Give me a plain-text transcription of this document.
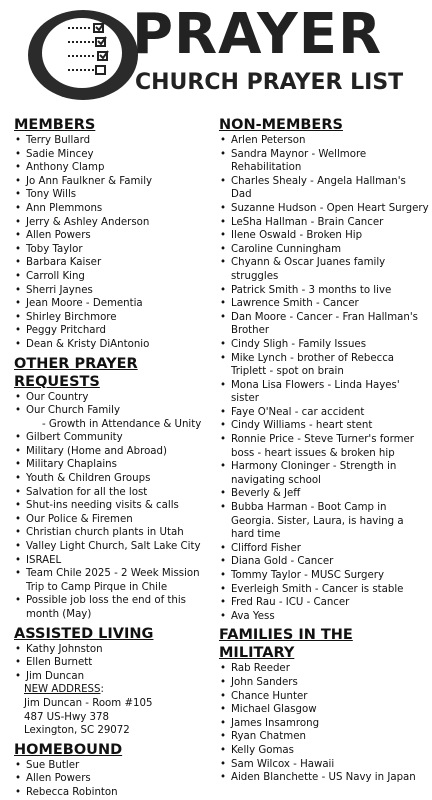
PRAYER
CHURCH PRAYER LIST
MEMBERS
• Terry Bullard
• Sadie Mincey
• Anthony Clamp
• Jo Ann Faulkner & Family
• Tony Wills
• Ann Plemmons
• Jerry & Ashley Anderson
• Allen Powers
• Toby Taylor
• Barbara Kaiser
• Carroll King
• Sherri Jaynes
• Jean Moore - Dementia
• Shirley Birchmore
• Peggy Pritchard
• Dean & Kristy DiAntonio
OTHER PRAYER REQUESTS
• Our Country
• Our Church Family
- Growth in Attendance & Unity
• Gilbert Community
• Military (Home and Abroad)
• Military Chaplains
• Youth & Children Groups
• Salvation for all the lost
• Shut-ins needing visits & calls
• Our Police & Firemen
• Christian church plants in Utah
• Valley Light Church, Salt Lake City
• ISRAEL
• Team Chile 2025 - 2 Week Mission Trip to Camp Pirque in Chile
• Possible job loss the end of this month (May)
ASSISTED LIVING
• Kathy Johnston
• Ellen Burnett
• Jim Duncan
NEW ADDRESS:
Jim Duncan - Room #105
487 US-Hwy 378
Lexington, SC 29072
HOMEBOUND
• Sue Butler
• Allen Powers
• Rebecca Robinton
NON-MEMBERS
• Arlen Peterson
• Sandra Maynor - Wellmore Rehabilitation
• Charles Shealy - Angela Hallman's Dad
• Suzanne Hudson - Open Heart Surgery
• LeSha Hallman - Brain Cancer
• Ilene Oswald - Broken Hip
• Caroline Cunningham
• Chyann & Oscar Juanes family struggles
• Patrick Smith - 3 months to live
• Lawrence Smith - Cancer
• Dan Moore - Cancer - Fran Hallman's Brother
• Cindy Sligh - Family Issues
• Mike Lynch - brother of Rebecca Triplett - spot on brain
• Mona Lisa Flowers - Linda Hayes' sister
• Faye O'Neal - car accident
• Cindy Williams - heart stent
• Ronnie Price - Steve Turner's former boss - heart issues & broken hip
• Harmony Cloninger - Strength in navigating school
• Beverly & Jeff
• Bubba Harman - Boot Camp in Georgia. Sister, Laura, is having a hard time
• Clifford Fisher
• Diana Gold - Cancer
• Tommy Taylor - MUSC Surgery
• Everleigh Smith - Cancer is stable
• Fred Rau - ICU - Cancer
• Ava Yess
FAMILIES IN THE MILITARY
• Rab Reeder
• John Sanders
• Chance Hunter
• Michael Glasgow
• James Insamrong
• Ryan Chatmen
• Kelly Gomas
• Sam Wilcox - Hawaii
• Aiden Blanchette - US Navy in Japan
